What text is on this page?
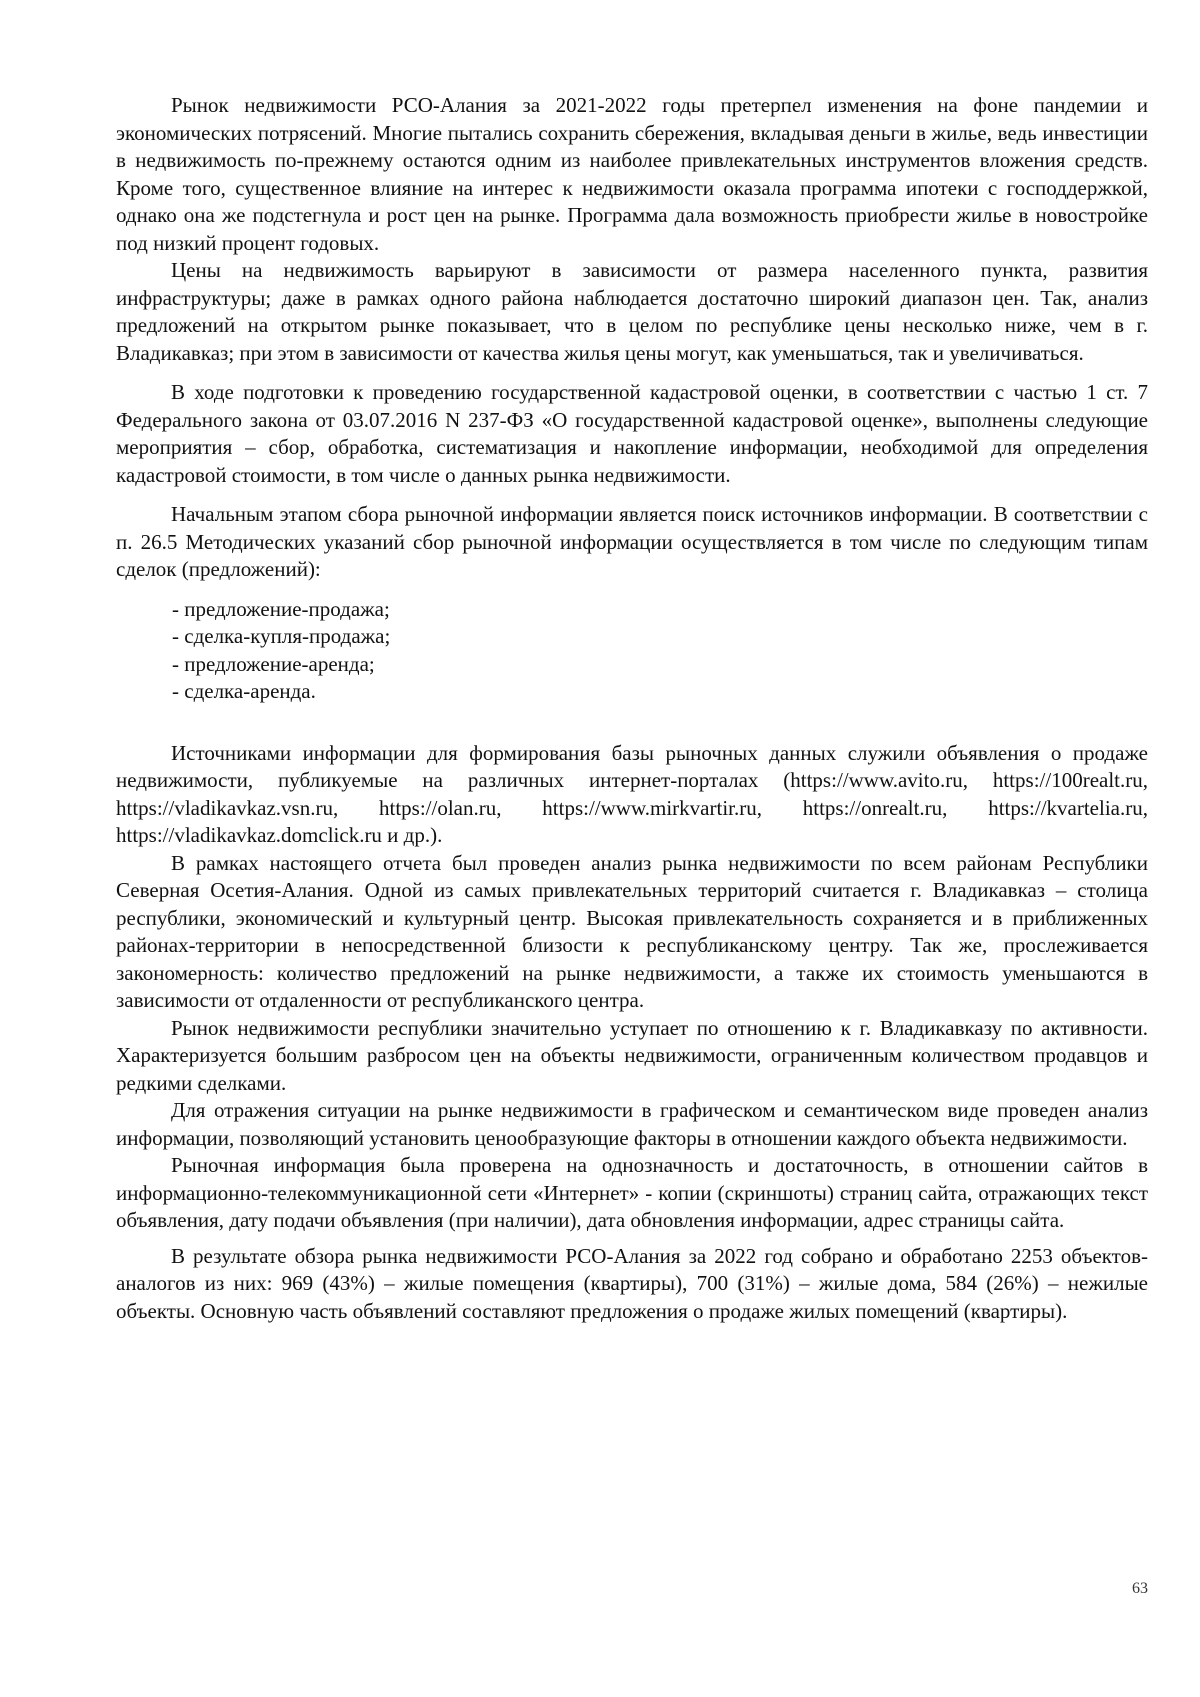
Рынок недвижимости РСО-Алания за 2021-2022 годы претерпел изменения на фоне пандемии и экономических потрясений. Многие пытались сохранить сбережения, вкладывая деньги в жилье, ведь инвестиции в недвижимость по-прежнему остаются одним из наиболее привлекательных инструментов вложения средств. Кроме того, существенное влияние на интерес к недвижимости оказала программа ипотеки с господдержкой, однако она же подстегнула и рост цен на рынке. Программа дала возможность приобрести жилье в новостройке под низкий процент годовых.

Цены на недвижимость варьируют в зависимости от размера населенного пункта, развития инфраструктуры; даже в рамках одного района наблюдается достаточно широкий диапазон цен. Так, анализ предложений на открытом рынке показывает, что в целом по республике цены несколько ниже, чем в г. Владикавказ; при этом в зависимости от качества жилья цены могут, как уменьшаться, так и увеличиваться.

В ходе подготовки к проведению государственной кадастровой оценки, в соответствии с частью 1 ст. 7 Федерального закона от 03.07.2016 N 237-ФЗ «О государственной кадастровой оценке», выполнены следующие мероприятия – сбор, обработка, систематизация и накопление информации, необходимой для определения кадастровой стоимости, в том числе о данных рынка недвижимости.

Начальным этапом сбора рыночной информации является поиск источников информации. В соответствии с п. 26.5 Методических указаний сбор рыночной информации осуществляется в том числе по следующим типам сделок (предложений):

- предложение-продажа;
- сделка-купля-продажа;
- предложение-аренда;
- сделка-аренда.

Источниками информации для формирования базы рыночных данных служили объявления о продаже недвижимости, публикуемые на различных интернет-порталах (https://www.avito.ru, https://100realt.ru, https://vladikavkaz.vsn.ru, https://olan.ru, https://www.mirkvartir.ru, https://onrealt.ru, https://kvartelia.ru, https://vladikavkaz.domclick.ru и др.).

В рамках настоящего отчета был проведен анализ рынка недвижимости по всем районам Республики Северная Осетия-Алания. Одной из самых привлекательных территорий считается г. Владикавказ – столица республики, экономический и культурный центр. Высокая привлекательность сохраняется и в приближенных районах-территории в непосредственной близости к республиканскому центру. Так же, прослеживается закономерность: количество предложений на рынке недвижимости, а также их стоимость уменьшаются в зависимости от отдаленности от республиканского центра.

Рынок недвижимости республики значительно уступает по отношению к г. Владикавказу по активности. Характеризуется большим разбросом цен на объекты недвижимости, ограниченным количеством продавцов и редкими сделками.

Для отражения ситуации на рынке недвижимости в графическом и семантическом виде проведен анализ информации, позволяющий установить ценообразующие факторы в отношении каждого объекта недвижимости.

Рыночная информация была проверена на однозначность и достаточность, в отношении сайтов в информационно-телекоммуникационной сети «Интернет» - копии (скриншоты) страниц сайта, отражающих текст объявления, дату подачи объявления (при наличии), дата обновления информации, адрес страницы сайта.

В результате обзора рынка недвижимости РСО-Алания за 2022 год собрано и обработано 2253 объектов-аналогов из них: 969 (43%) – жилые помещения (квартиры), 700 (31%) – жилые дома, 584 (26%) – нежилые объекты. Основную часть объявлений составляют предложения о продаже жилых помещений (квартиры).

63
